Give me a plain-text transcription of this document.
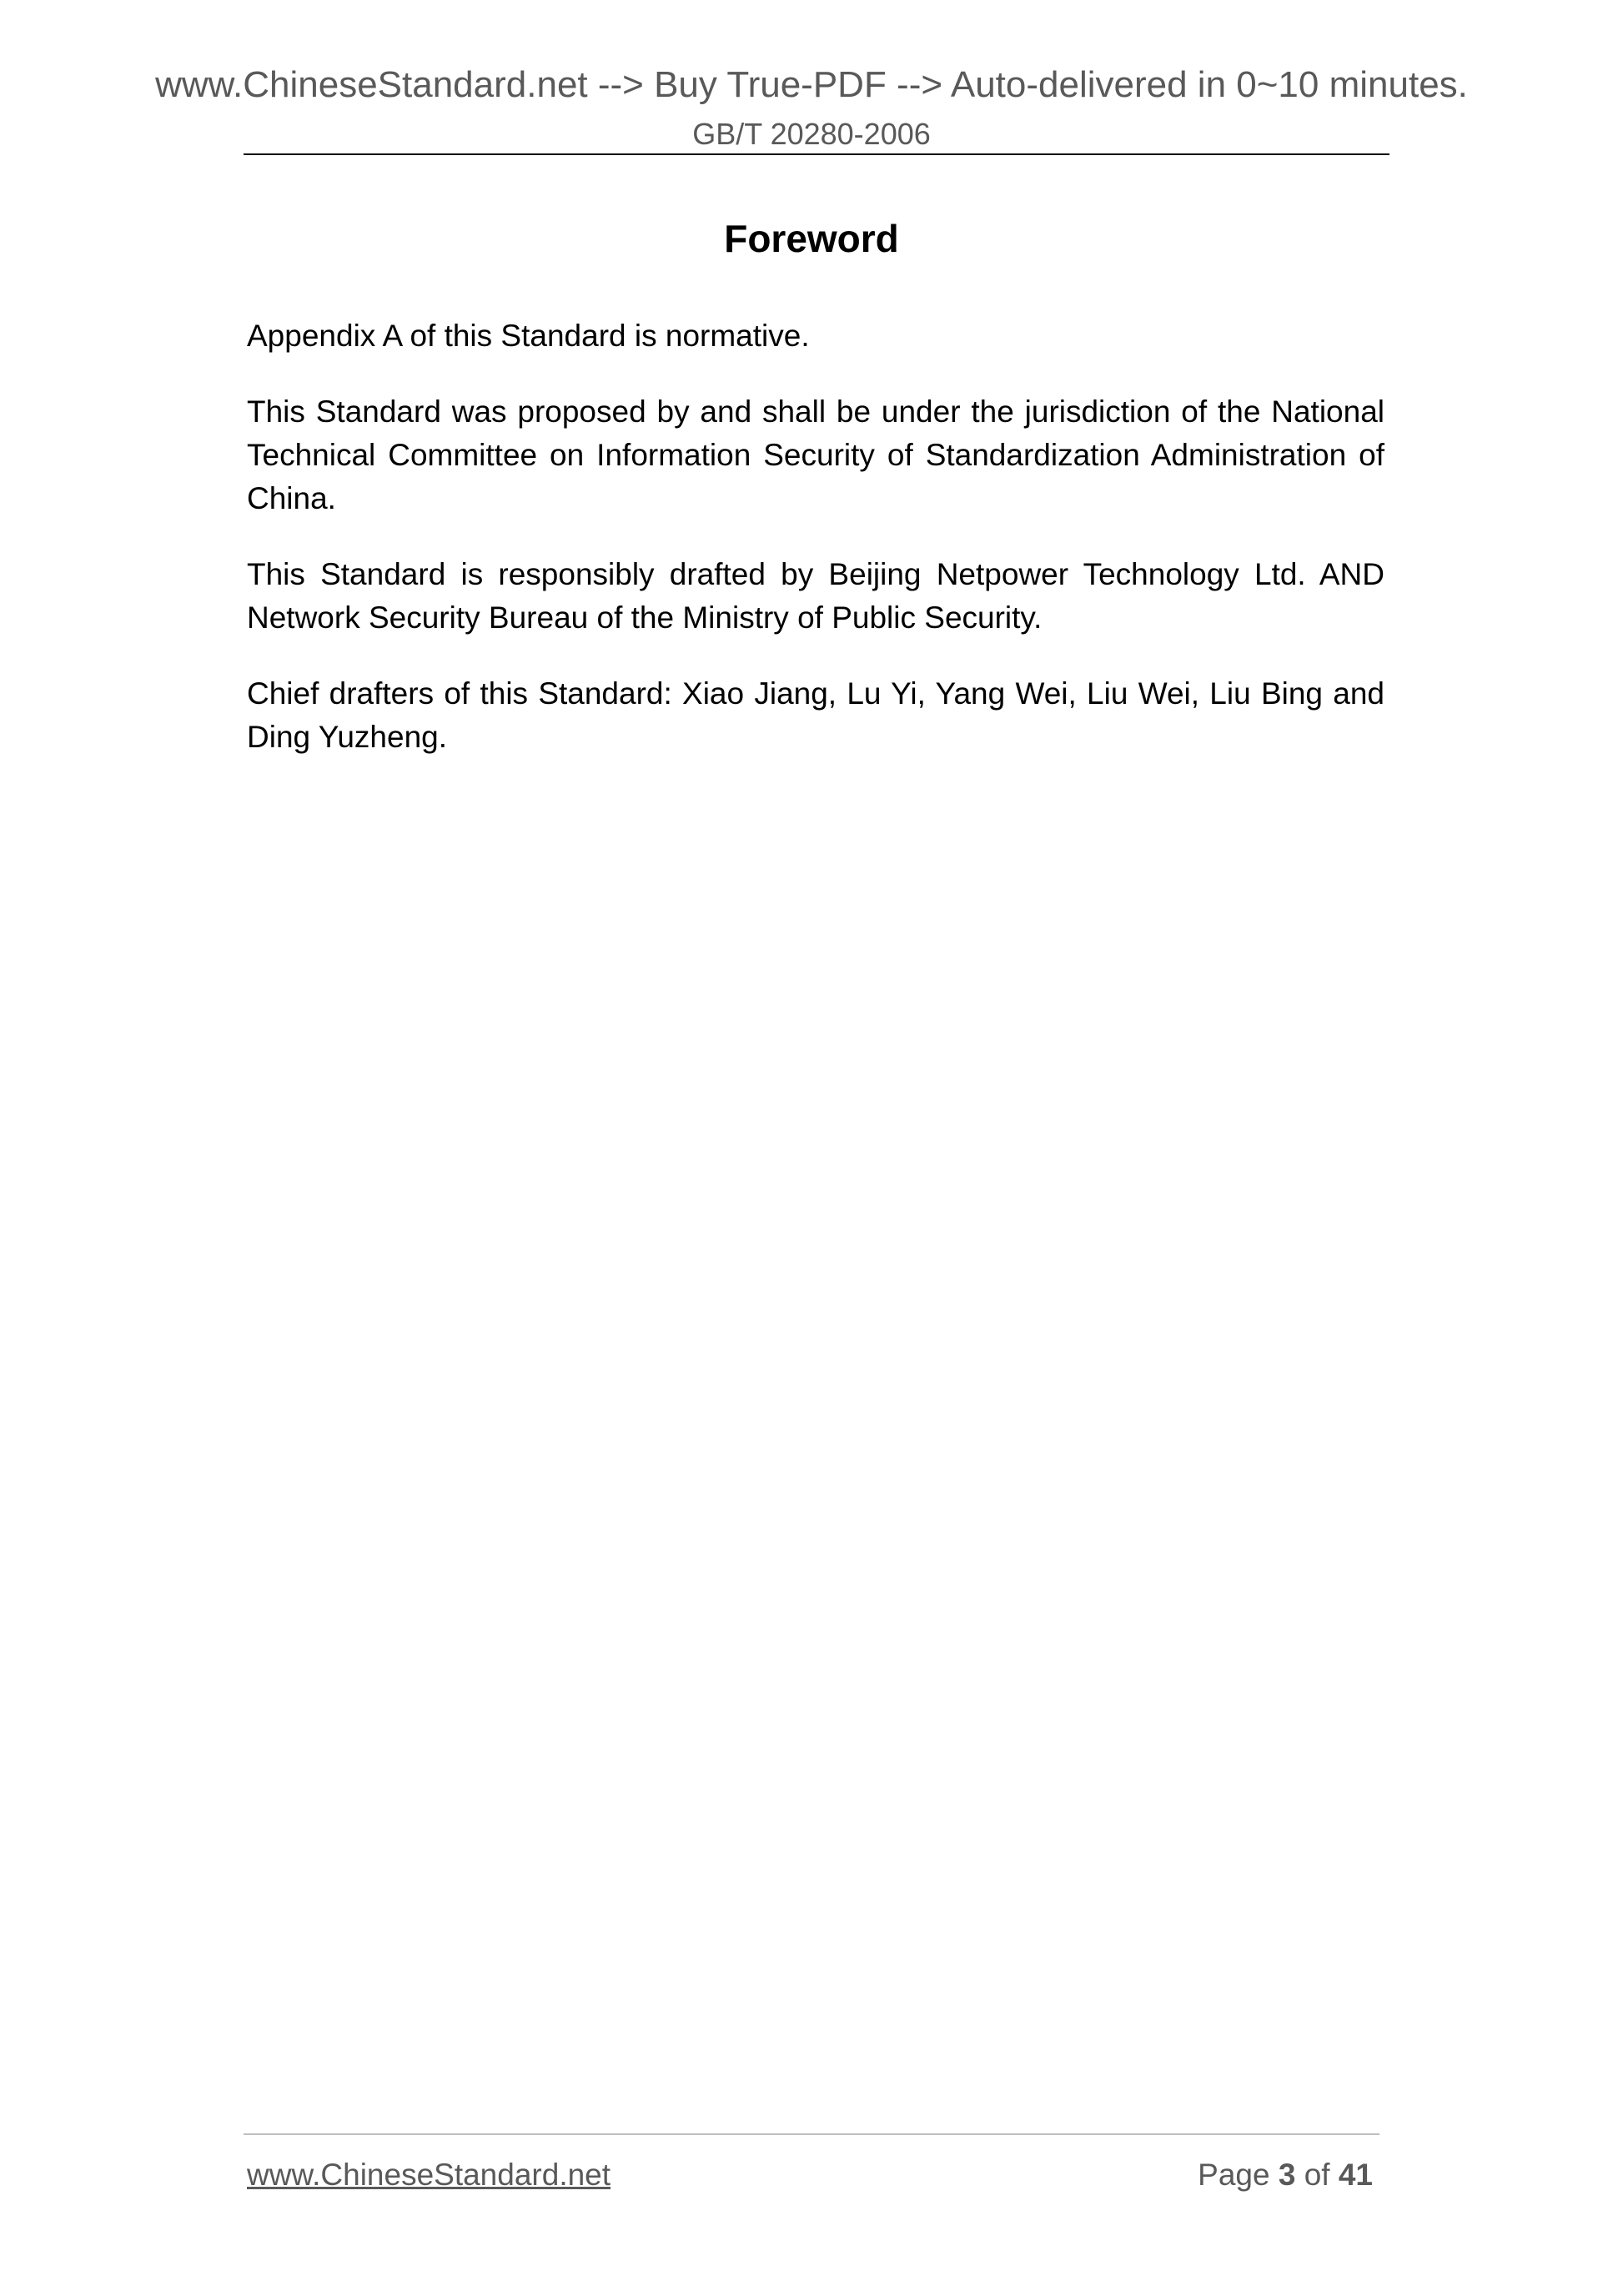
www.ChineseStandard.net --> Buy True-PDF --> Auto-delivered in 0~10 minutes.
GB/T 20280-2006
Foreword

Appendix A of this Standard is normative.

This Standard was proposed by and shall be under the jurisdiction of the National Technical Committee on Information Security of Standardization Administration of China.

This Standard is responsibly drafted by Beijing Netpower Technology Ltd. AND Network Security Bureau of the Ministry of Public Security.

Chief drafters of this Standard: Xiao Jiang, Lu Yi, Yang Wei, Liu Wei, Liu Bing and Ding Yuzheng.

www.ChineseStandard.net	Page 3 of 41
